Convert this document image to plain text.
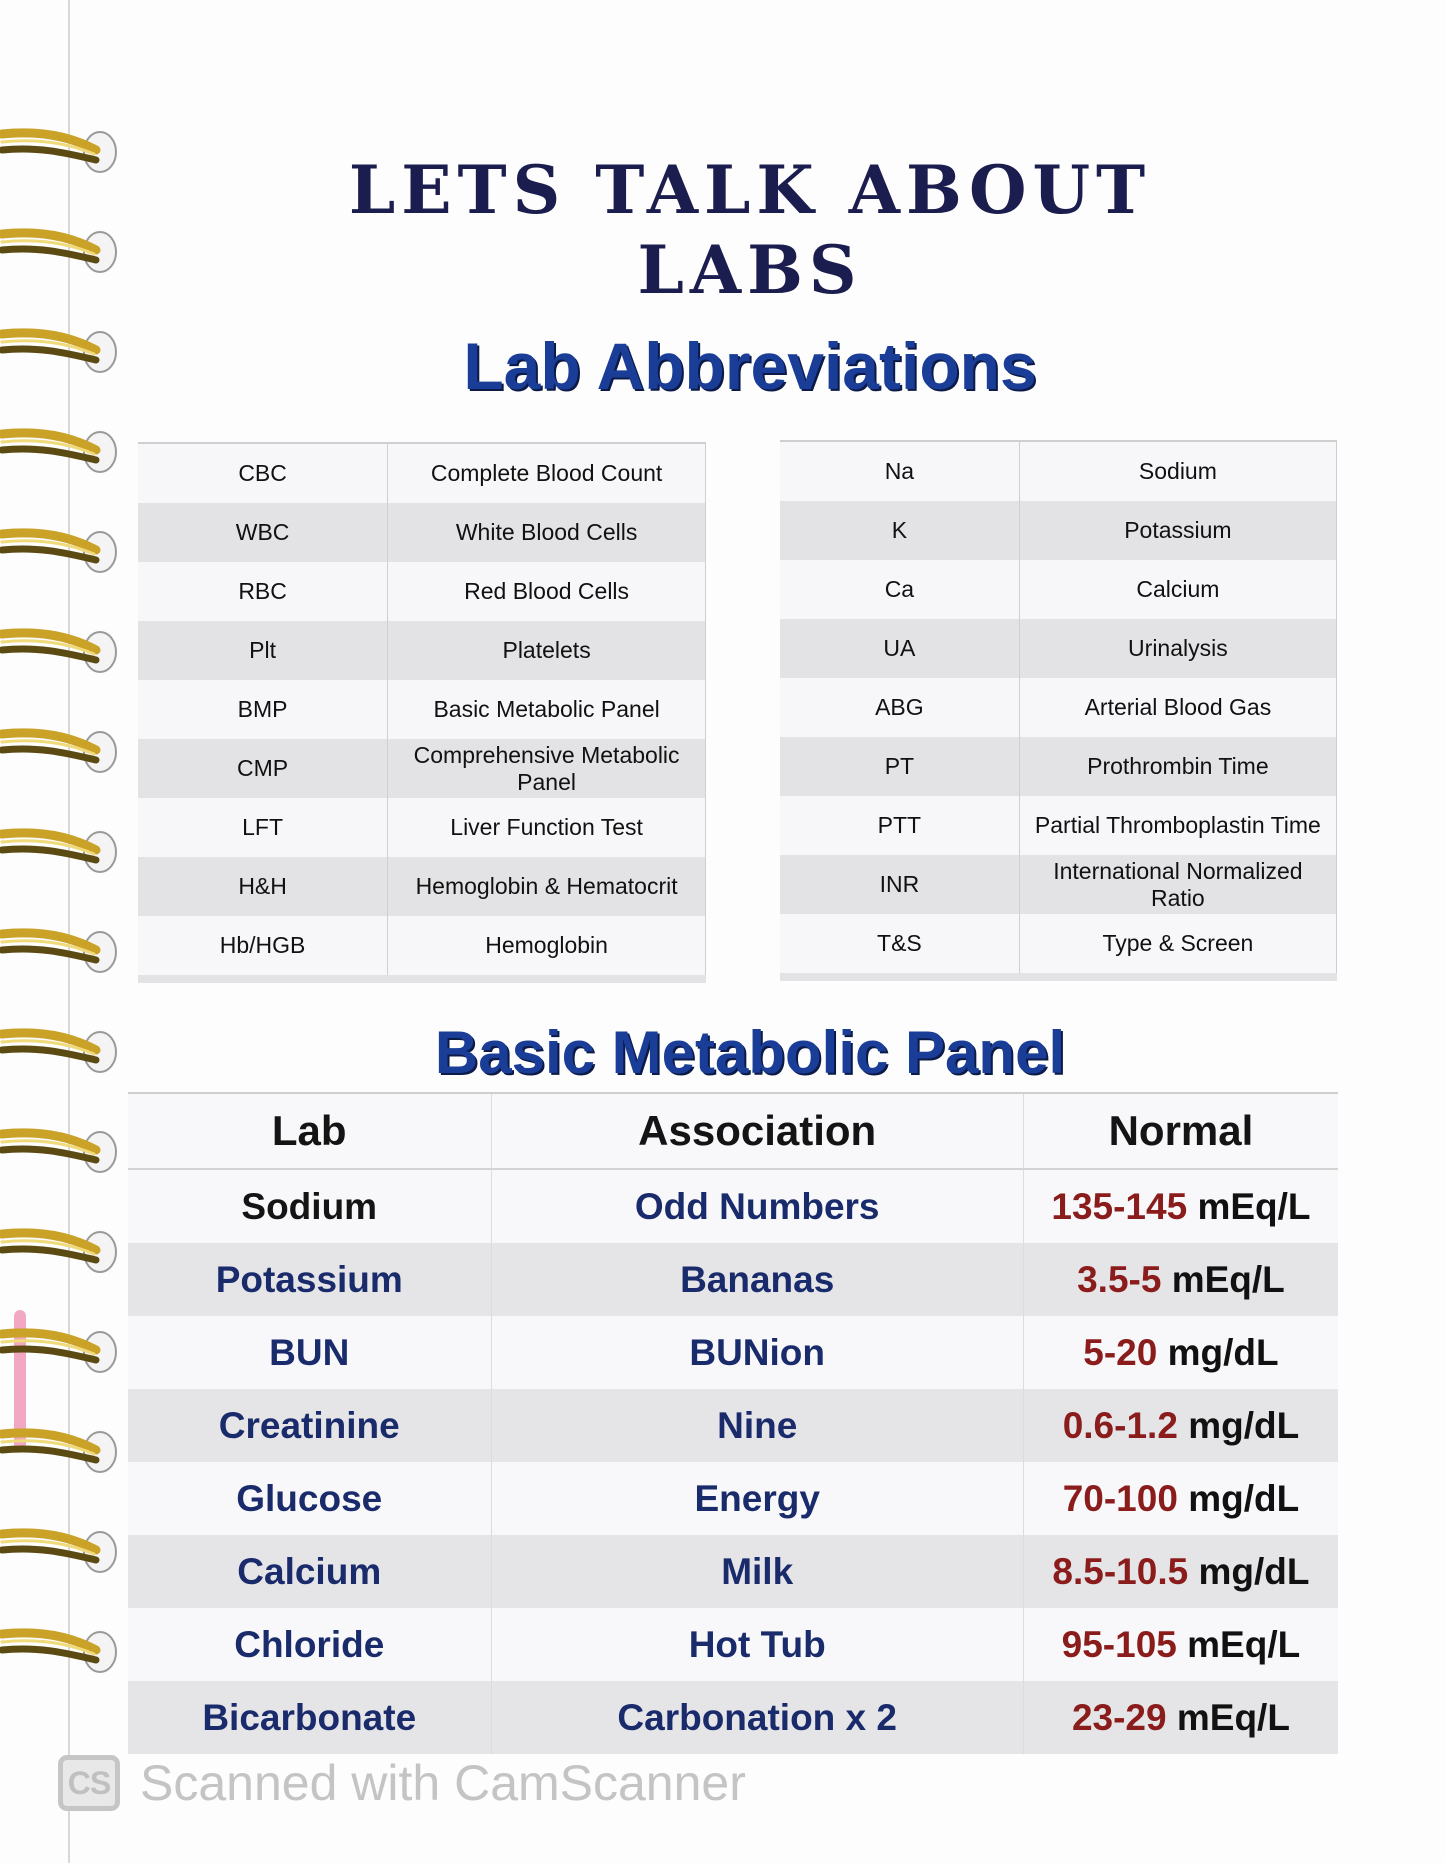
LETS TALK ABOUT
LABS
Lab Abbreviations
CBC	Complete Blood Count
WBC	White Blood Cells
RBC	Red Blood Cells
Plt	Platelets
BMP	Basic Metabolic Panel
CMP	Comprehensive Metabolic Panel
LFT	Liver Function Test
H&H	Hemoglobin & Hematocrit
Hb/HGB	Hemoglobin
Na	Sodium
K	Potassium
Ca	Calcium
UA	Urinalysis
ABG	Arterial Blood Gas
PT	Prothrombin Time
PTT	Partial Thromboplastin Time
INR	International Normalized Ratio
T&S	Type & Screen
Basic Metabolic Panel
Lab	Association	Normal
Sodium	Odd Numbers	135-145 mEq/L
Potassium	Bananas	3.5-5 mEq/L
BUN	BUNion	5-20 mg/dL
Creatinine	Nine	0.6-1.2 mg/dL
Glucose	Energy	70-100 mg/dL
Calcium	Milk	8.5-10.5 mg/dL
Chloride	Hot Tub	95-105 mEq/L
Bicarbonate	Carbonation x 2	23-29 mEq/L
CS Scanned with CamScanner
